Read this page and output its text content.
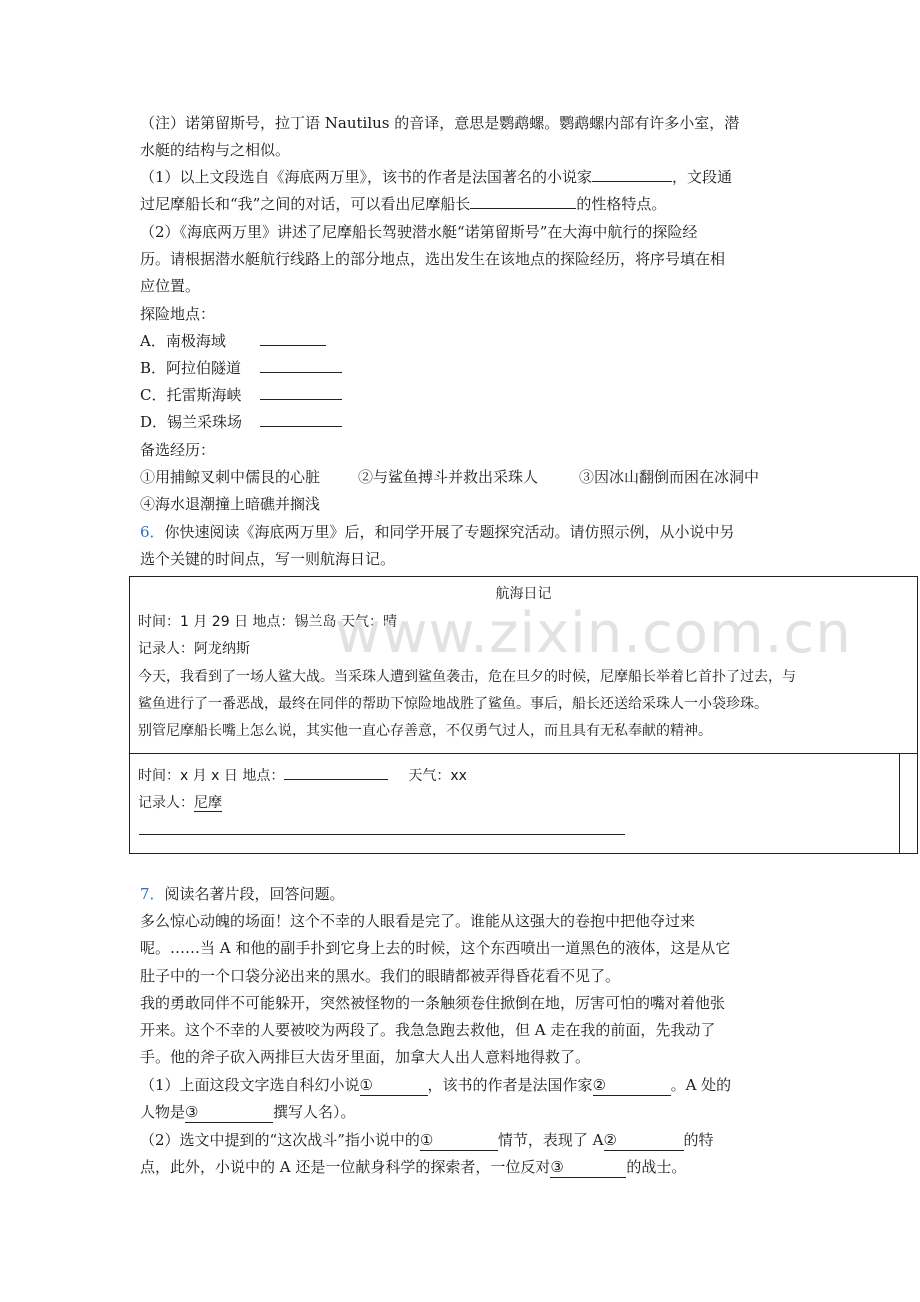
（注）诺第留斯号，拉丁语 Nautilus 的音译，意思是鹦鹉螺。鹦鹉螺内部有许多小室，潜
水艇的结构与之相似。
（1）以上文段选自《海底两万里》，该书的作者是法国著名的小说家	，文段通
过尼摩船长和“我”之间的对话，可以看出尼摩船长	的性格特点。
（2）《海底两万里》讲述了尼摩船长驾驶潜水艇“诺第留斯号”在大海中航行的探险经
历。请根据潜水艇航行线路上的部分地点，选出发生在该地点的探险经历，将序号填在相
应位置。
探险地点：
A．南极海域
B．阿拉伯隧道
C．托雷斯海峡
D．锡兰采珠场
备选经历：
①用捕鲸叉刺中儒艮的心脏	②与鲨鱼搏斗并救出采珠人	③因冰山翻倒而困在冰洞中
④海水退潮撞上暗礁并搁浅
6．你快速阅读《海底两万里》后，和同学开展了专题探究活动。请仿照示例，从小说中另
选个关键的时间点，写一则航海日记。
航海日记
时间：1 月 29 日 地点：锡兰岛 天气：晴
记录人：阿龙纳斯
今天，我看到了一场人鲨大战。当采珠人遭到鲨鱼袭击，危在旦夕的时候，尼摩船长举着匕首扑了过去，与
鲨鱼进行了一番恶战，最终在同伴的帮助下惊险地战胜了鲨鱼。事后，船长还送给采珠人一小袋珍珠。
别管尼摩船长嘴上怎么说，其实他一直心存善意，不仅勇气过人，而且具有无私奉献的精神。
时间：x 月 x 日 地点：	天气：xx
记录人：尼摩
www.zixin.com.cn
7．阅读名著片段，回答问题。
多么惊心动魄的场面！这个不幸的人眼看是完了。谁能从这强大的卷抱中把他夺过来
呢。……当 A 和他的副手扑到它身上去的时候，这个东西喷出一道黑色的液体，这是从它
肚子中的一个口袋分泌出来的黑水。我们的眼睛都被弄得昏花看不见了。
我的勇敢同伴不可能躲开，突然被怪物的一条触须卷住掀倒在地，厉害可怕的嘴对着他张
开来。这个不幸的人要被咬为两段了。我急急跑去救他，但 A 走在我的前面，先我动了
手。他的斧子砍入两排巨大齿牙里面，加拿大人出人意料地得救了。
（1）上面这段文字选自科幻小说①	，该书的作者是法国作家②	。A 处的
人物是③	撰写人名）。
（2）选文中提到的“这次战斗”指小说中的①	情节，表现了 A②	的特
点，此外，小说中的 A 还是一位献身科学的探索者，一位反对③	的战士。
